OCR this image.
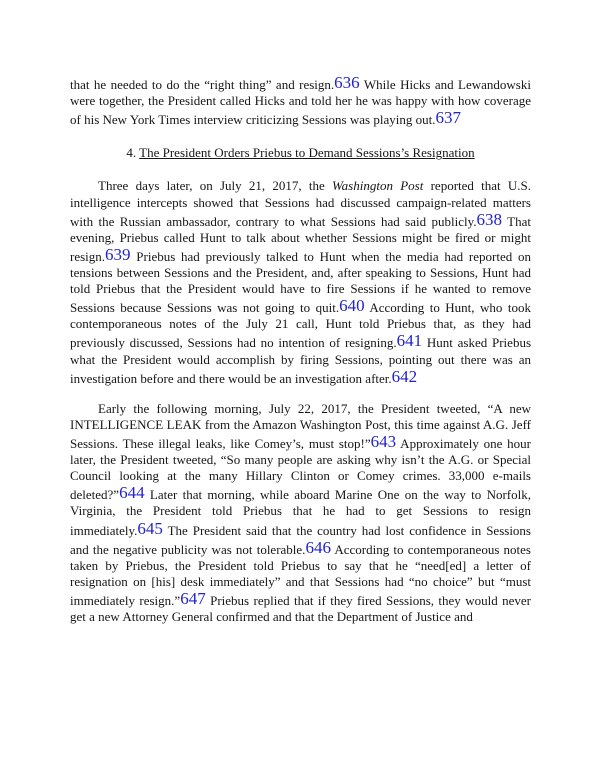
that he needed to do the “right thing” and resign.636 While Hicks and Lewandowski were together, the President called Hicks and told her he was happy with how coverage of his New York Times interview criticizing Sessions was playing out.637

4. The President Orders Priebus to Demand Sessions’s Resignation

Three days later, on July 21, 2017, the Washington Post reported that U.S. intelligence intercepts showed that Sessions had discussed campaign-related matters with the Russian ambassador, contrary to what Sessions had said publicly.638 That evening, Priebus called Hunt to talk about whether Sessions might be fired or might resign.639 Priebus had previously talked to Hunt when the media had reported on tensions between Sessions and the President, and, after speaking to Sessions, Hunt had told Priebus that the President would have to fire Sessions if he wanted to remove Sessions because Sessions was not going to quit.640 According to Hunt, who took contemporaneous notes of the July 21 call, Hunt told Priebus that, as they had previously discussed, Sessions had no intention of resigning.641 Hunt asked Priebus what the President would accomplish by firing Sessions, pointing out there was an investigation before and there would be an investigation after.642

Early the following morning, July 22, 2017, the President tweeted, “A new INTELLIGENCE LEAK from the Amazon Washington Post, this time against A.G. Jeff Sessions. These illegal leaks, like Comey’s, must stop!”643 Approximately one hour later, the President tweeted, “So many people are asking why isn’t the A.G. or Special Council looking at the many Hillary Clinton or Comey crimes. 33,000 e-mails deleted?”644 Later that morning, while aboard Marine One on the way to Norfolk, Virginia, the President told Priebus that he had to get Sessions to resign immediately.645 The President said that the country had lost confidence in Sessions and the negative publicity was not tolerable.646 According to contemporaneous notes taken by Priebus, the President told Priebus to say that he “need[ed] a letter of resignation on [his] desk immediately” and that Sessions had “no choice” but “must immediately resign.”647 Priebus replied that if they fired Sessions, they would never get a new Attorney General confirmed and that the Department of Justice and
